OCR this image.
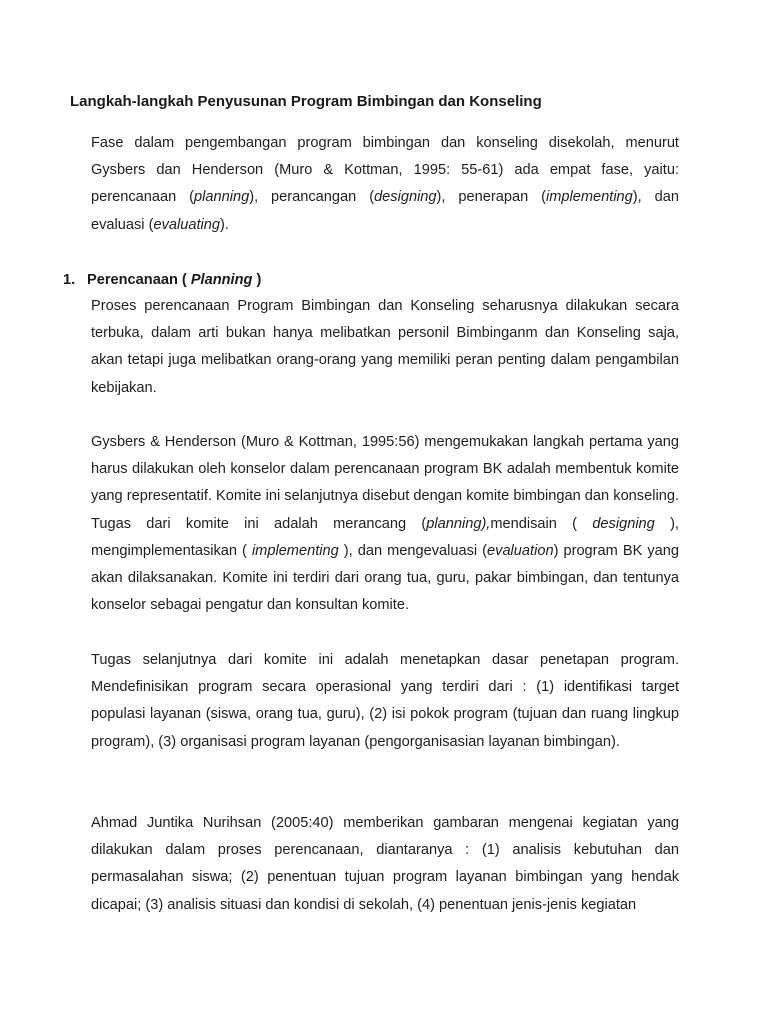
Langkah-langkah Penyusunan Program Bimbingan dan Konseling

Fase dalam pengembangan program bimbingan dan konseling disekolah, menurut Gysbers dan Henderson (Muro & Kottman, 1995: 55-61) ada empat fase, yaitu: perencanaan (planning), perancangan (designing), penerapan (implementing), dan evaluasi (evaluating).

1. Perencanaan ( Planning )

Proses perencanaan Program Bimbingan dan Konseling seharusnya dilakukan secara terbuka, dalam arti bukan hanya melibatkan personil Bimbinganm dan Konseling saja, akan tetapi juga melibatkan orang-orang yang memiliki peran penting dalam pengambilan kebijakan.

Gysbers & Henderson (Muro & Kottman, 1995:56) mengemukakan langkah pertama yang harus dilakukan oleh konselor dalam perencanaan program BK adalah membentuk komite yang representatif. Komite ini selanjutnya disebut dengan komite bimbingan dan konseling. Tugas dari komite ini adalah merancang (planning),mendisain ( designing ), mengimplementasikan ( implementing ), dan mengevaluasi (evaluation) program BK yang akan dilaksanakan. Komite ini terdiri dari orang tua, guru, pakar bimbingan, dan tentunya konselor sebagai pengatur dan konsultan komite.

Tugas selanjutnya dari komite ini adalah menetapkan dasar penetapan program. Mendefinisikan program secara operasional yang terdiri dari : (1) identifikasi target populasi layanan (siswa, orang tua, guru), (2) isi pokok program (tujuan dan ruang lingkup program), (3) organisasi program layanan (pengorganisasian layanan bimbingan).

Ahmad Juntika Nurihsan (2005:40) memberikan gambaran mengenai kegiatan yang dilakukan dalam proses perencanaan, diantaranya : (1) analisis kebutuhan dan permasalahan siswa; (2) penentuan tujuan program layanan bimbingan yang hendak dicapai; (3) analisis situasi dan kondisi di sekolah, (4) penentuan jenis-jenis kegiatan
